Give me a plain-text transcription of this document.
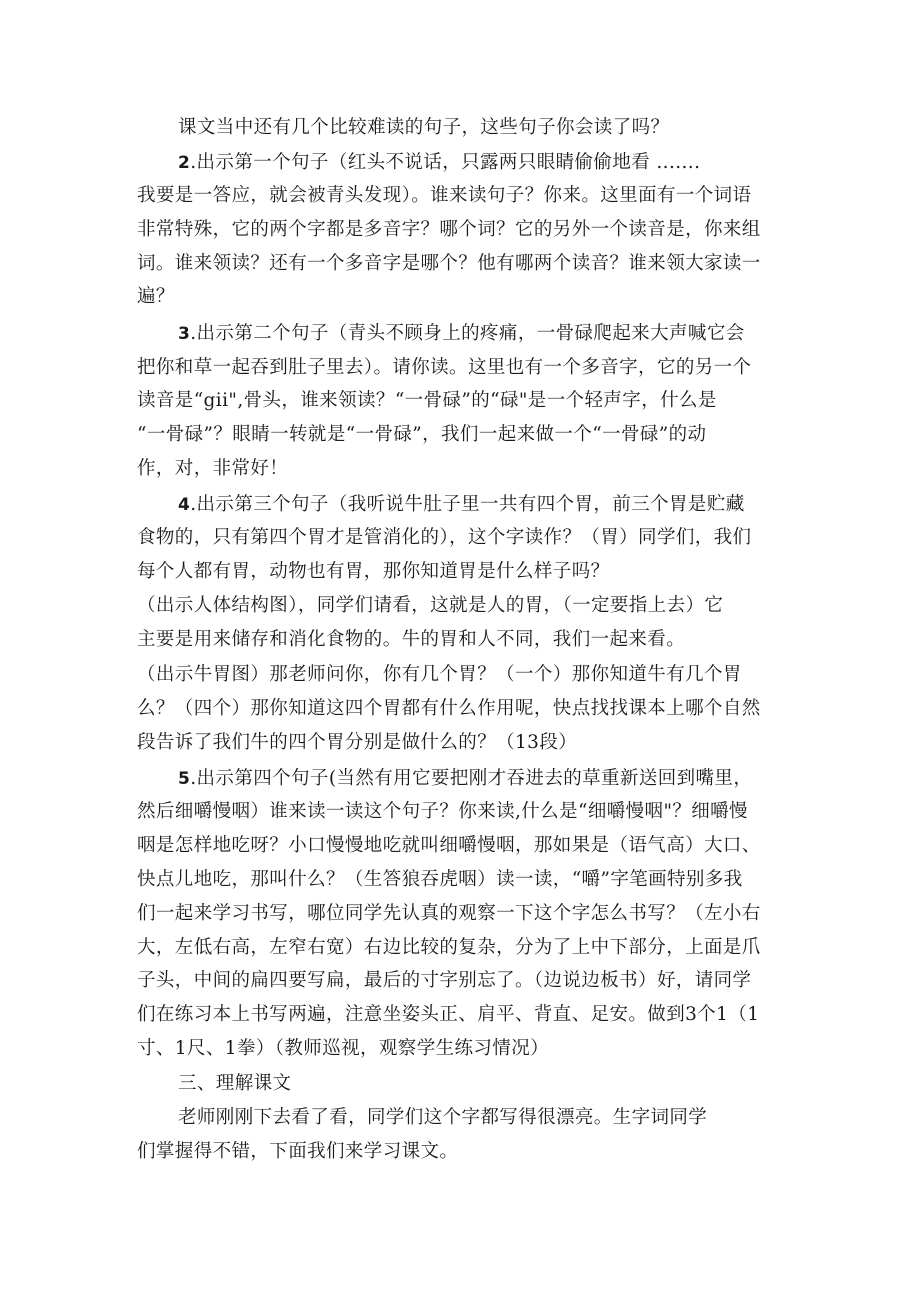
课文当中还有几个比较难读的句子，这些句子你会读了吗？

2.出示第一个句子（红头不说话，只露两只眼睛偷偷地看 .......

我要是一答应，就会被青头发现）。谁来读句子？你来。这里面有一个词语

非常特殊，它的两个字都是多音字？哪个词？它的另外一个读音是，你来组

词。谁来领读？还有一个多音字是哪个？他有哪两个读音？谁来领大家读一

遍？

3.出示第二个句子（青头不顾身上的疼痛，一骨碌爬起来大声喊它会

把你和草一起吞到肚子里去）。请你读。这里也有一个多音字，它的另一个

读音是“gii",骨头，谁来领读？“一骨碌”的“碌"是一个轻声字，什么是

“一骨碌”？眼睛一转就是“一骨碌”，我们一起来做一个“一骨碌”的动

作，对，非常好！

4.出示第三个句子（我听说牛肚子里一共有四个胃，前三个胃是贮藏

食物的，只有第四个胃才是管消化的），这个字读作？（胃）同学们，我们

每个人都有胃，动物也有胃，那你知道胃是什么样子吗？

（出示人体结构图），同学们请看，这就是人的胃，（一定要指上去）它

主要是用来储存和消化食物的。牛的胃和人不同，我们一起来看。

（出示牛胃图）那老师问你，你有几个胃？（一个）那你知道牛有几个胃

么？（四个）那你知道这四个胃都有什么作用呢，快点找找课本上哪个自然

段告诉了我们牛的四个胃分别是做什么的？（13段）

5.出示第四个句子(当然有用它要把刚才吞进去的草重新送回到嘴里，

然后细嚼慢咽）谁来读一读这个句子？你来读,什么是“细嚼慢咽"？细嚼慢

咽是怎样地吃呀？小口慢慢地吃就叫细嚼慢咽，那如果是（语气高）大口、

快点儿地吃，那叫什么？（生答狼吞虎咽）读一读，“嚼”字笔画特别多我

们一起来学习书写，哪位同学先认真的观察一下这个字怎么书写？（左小右

大，左低右高，左窄右宽）右边比较的复杂，分为了上中下部分，上面是爪

子头，中间的扁四要写扁，最后的寸字别忘了。（边说边板书）好，请同学

们在练习本上书写两遍，注意坐姿头正、肩平、背直、足安。做到3个1（1

寸、1尺、1拳）（教师巡视，观察学生练习情况）

三、理解课文

老师刚刚下去看了看，同学们这个字都写得很漂亮。生字词同学

们掌握得不错，下面我们来学习课文。
